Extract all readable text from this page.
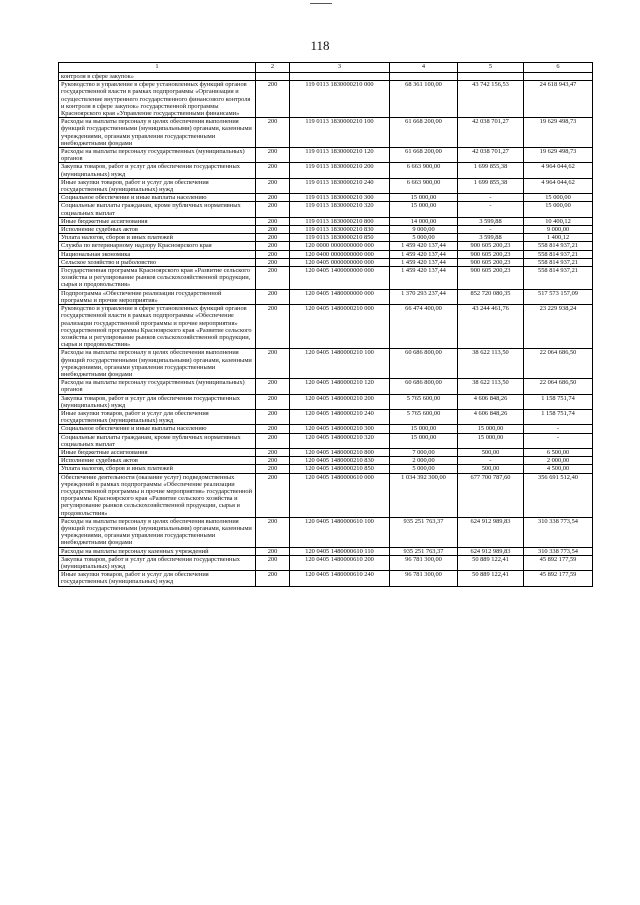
118
1	2	3	4	5	6
контроля в сфере закупок»					
Руководство и управление в сфере установленных функций органов государственной власти в рамках подпрограммы «Организация и осуществление внутреннего государственного финансового контроля и контроля в сфере закупок» государственной программы Красноярского края «Управление государственными финансами»	200	119 0113 1830000210 000	68 361 100,00	43 742 156,53	24 618 943,47
Расходы на выплаты персоналу в целях обеспечения выполнения функций государственными (муниципальными) органами, казенными учреждениями, органами управления государственными внебюджетными фондами	200	119 0113 1830000210 100	61 668 200,00	42 038 701,27	19 629 498,73
Расходы на выплаты персоналу государственных (муниципальных) органов	200	119 0113 1830000210 120	61 668 200,00	42 038 701,27	19 629 498,73
Закупка товаров, работ и услуг для обеспечения государственных (муниципальных) нужд	200	119 0113 1830000210 200	6 663 900,00	1 699 855,38	4 964 044,62
Иные закупки товаров, работ и услуг для обеспечения государственных (муниципальных) нужд	200	119 0113 1830000210 240	6 663 900,00	1 699 855,38	4 964 044,62
Социальное обеспечение и иные выплаты населению	200	119 0113 1830000210 300	15 000,00	-	15 000,00
Социальные выплаты гражданам, кроме публичных нормативных социальных выплат	200	119 0113 1830000210 320	15 000,00	-	15 000,00
Иные бюджетные ассигнования	200	119 0113 1830000210 800	14 000,00	3 599,88	10 400,12
Исполнение судебных актов	200	119 0113 1830000210 830	9 000,00	-	9 000,00
Уплата налогов, сборов и иных платежей	200	119 0113 1830000210 850	5 000,00	3 599,88	1 400,12
Служба по ветеринарному надзору Красноярского края	200	120 0000 0000000000 000	1 459 420 137,44	900 605 200,23	558 814 937,21
Национальная экономика	200	120 0400 0000000000 000	1 459 420 137,44	900 605 200,23	558 814 937,21
Сельское хозяйство и рыболовство	200	120 0405 0000000000 000	1 459 420 137,44	900 605 200,23	558 814 937,21
Государственная программа Красноярского края «Развитие сельского хозяйства и регулирование рынков сельскохозяйственной продукции, сырья и продовольствия»	200	120 0405 1400000000 000	1 459 420 137,44	900 605 200,23	558 814 937,21
Подпрограмма «Обеспечение реализации государственной программы и прочие мероприятия»	200	120 0405 1480000000 000	1 370 293 237,44	852 720 080,35	517 573 157,09
Руководство и управление в сфере установленных функций органов государственной власти в рамках подпрограммы «Обеспечение реализации государственной программы и прочие мероприятия» государственной программы Красноярского края «Развитие сельского хозяйства и регулирование рынков сельскохозяйственной продукции, сырья и продовольствия»	200	120 0405 1480000210 000	66 474 400,00	43 244 461,76	23 229 938,24
Расходы на выплаты персоналу в целях обеспечения выполнения функций государственными (муниципальными) органами, казенными учреждениями, органами управления государственными внебюджетными фондами	200	120 0405 1480000210 100	60 686 800,00	38 622 113,50	22 064 686,50
Расходы на выплаты персоналу государственных (муниципальных) органов	200	120 0405 1480000210 120	60 686 800,00	38 622 113,50	22 064 686,50
Закупка товаров, работ и услуг для обеспечения государственных (муниципальных) нужд	200	120 0405 1480000210 200	5 765 600,00	4 606 848,26	1 158 751,74
Иные закупки товаров, работ и услуг для обеспечения государственных (муниципальных) нужд	200	120 0405 1480000210 240	5 765 600,00	4 606 848,26	1 158 751,74
Социальное обеспечение и иные выплаты населению	200	120 0405 1480000210 300	15 000,00	15 000,00	-
Социальные выплаты гражданам, кроме публичных нормативных социальных выплат	200	120 0405 1480000210 320	15 000,00	15 000,00	-
Иные бюджетные ассигнования	200	120 0405 1480000210 800	7 000,00	500,00	6 500,00
Исполнение судебных актов	200	120 0405 1480000210 830	2 000,00	-	2 000,00
Уплата налогов, сборов и иных платежей	200	120 0405 1480000210 850	5 000,00	500,00	4 500,00
Обеспечение деятельности (оказание услуг) подведомственных учреждений в рамках подпрограммы «Обеспечение реализации государственной программы и прочие мероприятия» государственной программы Красноярского края «Развитие сельского хозяйства и регулирование рынков сельскохозяйственной продукции, сырья и продовольствия»	200	120 0405 1480000610 000	1 034 392 300,00	677 700 787,60	356 691 512,40
Расходы на выплаты персоналу в целях обеспечения выполнения функций государственными (муниципальными) органами, казенными учреждениями, органами управления государственными внебюджетными фондами	200	120 0405 1480000610 100	935 251 763,37	624 912 989,83	310 338 773,54
Расходы на выплаты персоналу казенных учреждений	200	120 0405 1480000610 110	935 251 763,37	624 912 989,83	310 338 773,54
Закупка товаров, работ и услуг для обеспечения государственных (муниципальных) нужд	200	120 0405 1480000610 200	96 781 300,00	50 889 122,41	45 892 177,59
Иные закупки товаров, работ и услуг для обеспечения государственных (муниципальных) нужд	200	120 0405 1480000610 240	96 781 300,00	50 889 122,41	45 892 177,59
